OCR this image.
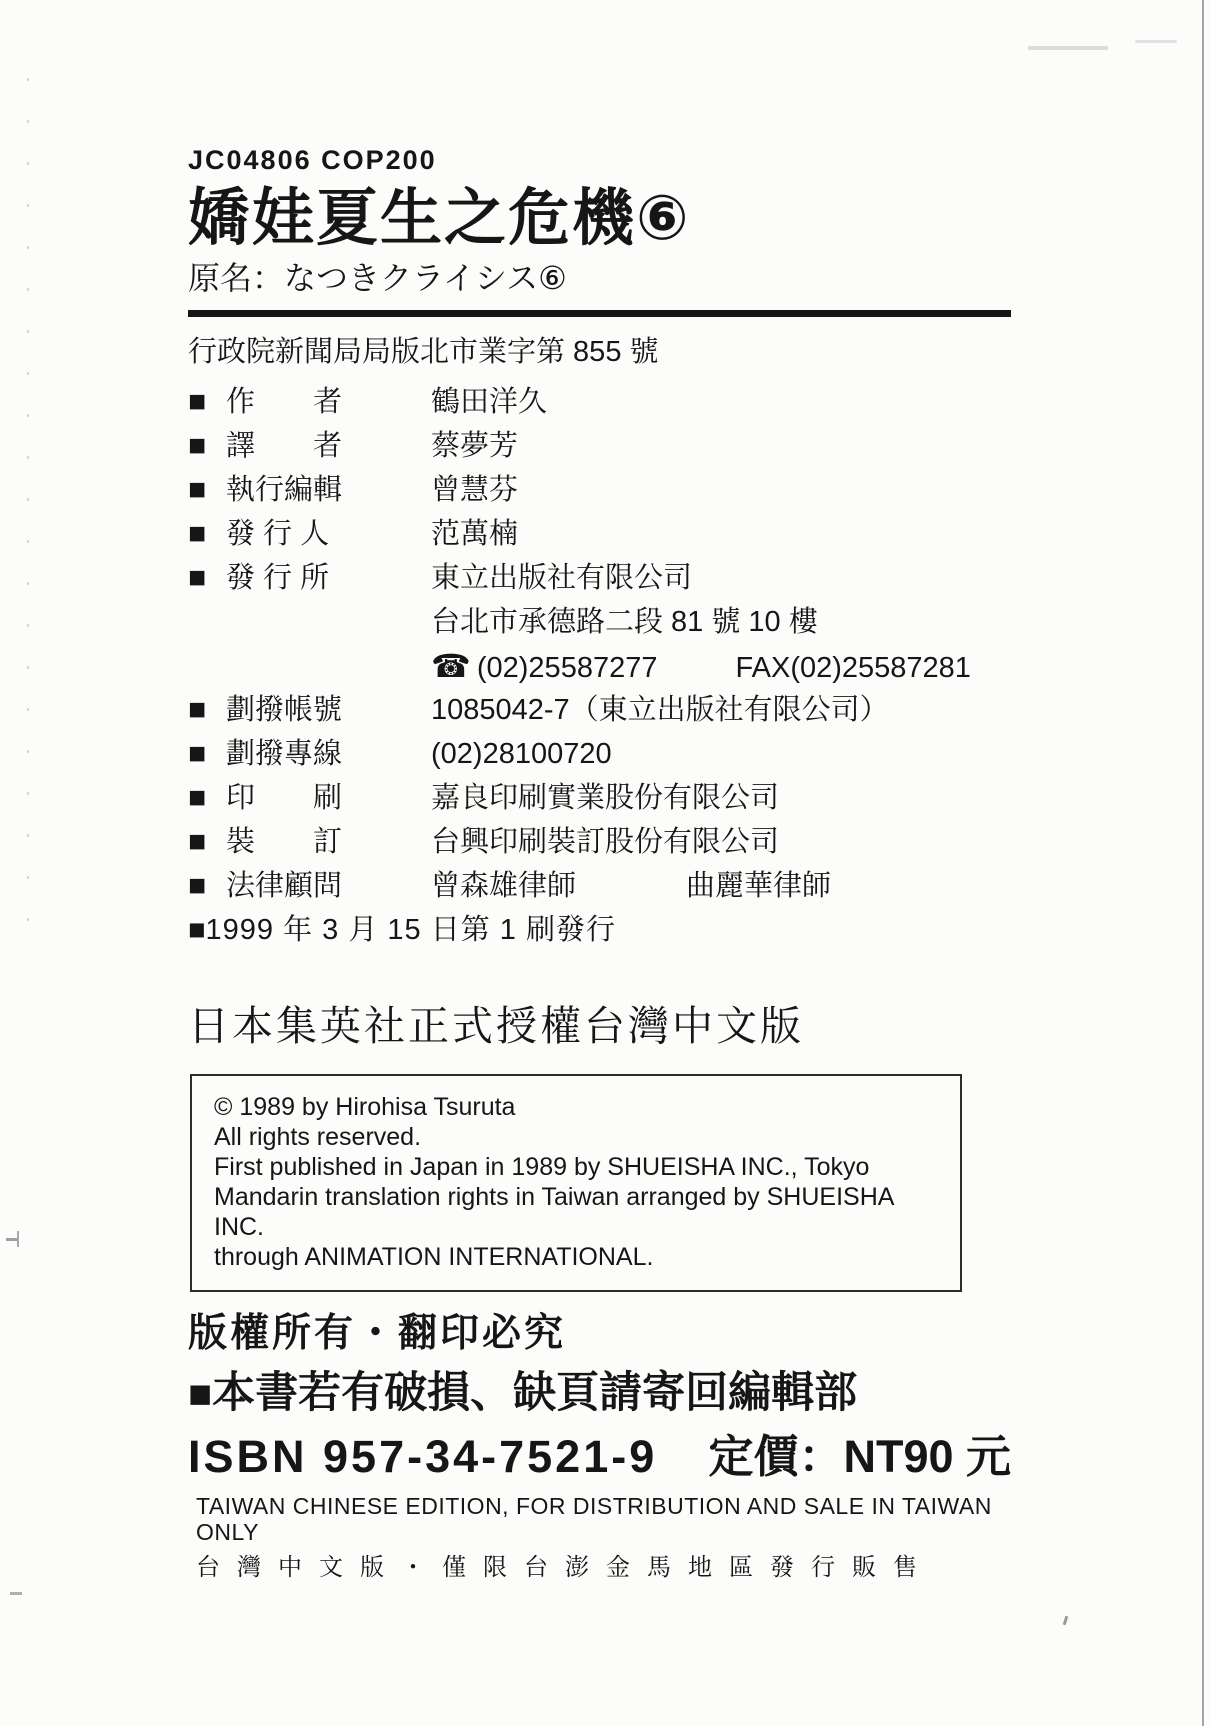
JC04806 COP200
嬌娃夏生之危機⑥
原名：なつきクライシス⑥
行政院新聞局局版北市業字第 855 號
■ 作　　者	鶴田洋久
■ 譯　　者	蔡夢芳
■ 執行編輯	曾慧芬
■ 發 行 人	范萬楠
■ 發 行 所	東立出版社有限公司
台北市承德路二段 81 號 10 樓
☎ (02)25587277	FAX(02)25587281
■ 劃撥帳號	1085042-7（東立出版社有限公司）
■ 劃撥專線	(02)28100720
■ 印　　刷	嘉良印刷實業股份有限公司
■ 裝　　訂	台興印刷裝訂股份有限公司
■ 法律顧問	曾森雄律師	曲麗華律師
■ 1999 年 3 月 15 日第 1 刷發行
日本集英社正式授權台灣中文版
© 1989 by Hirohisa Tsuruta
All rights reserved.
First published in Japan in 1989 by SHUEISHA INC., Tokyo
Mandarin translation rights in Taiwan arranged by SHUEISHA INC.
through ANIMATION INTERNATIONAL.
版權所有・翻印必究
■本書若有破損、缺頁請寄回編輯部
ISBN 957-34-7521-9 定價：NT90 元
TAIWAN CHINESE EDITION, FOR DISTRIBUTION AND SALE IN TAIWAN ONLY
台灣中文版・僅限台澎金馬地區發行販售
